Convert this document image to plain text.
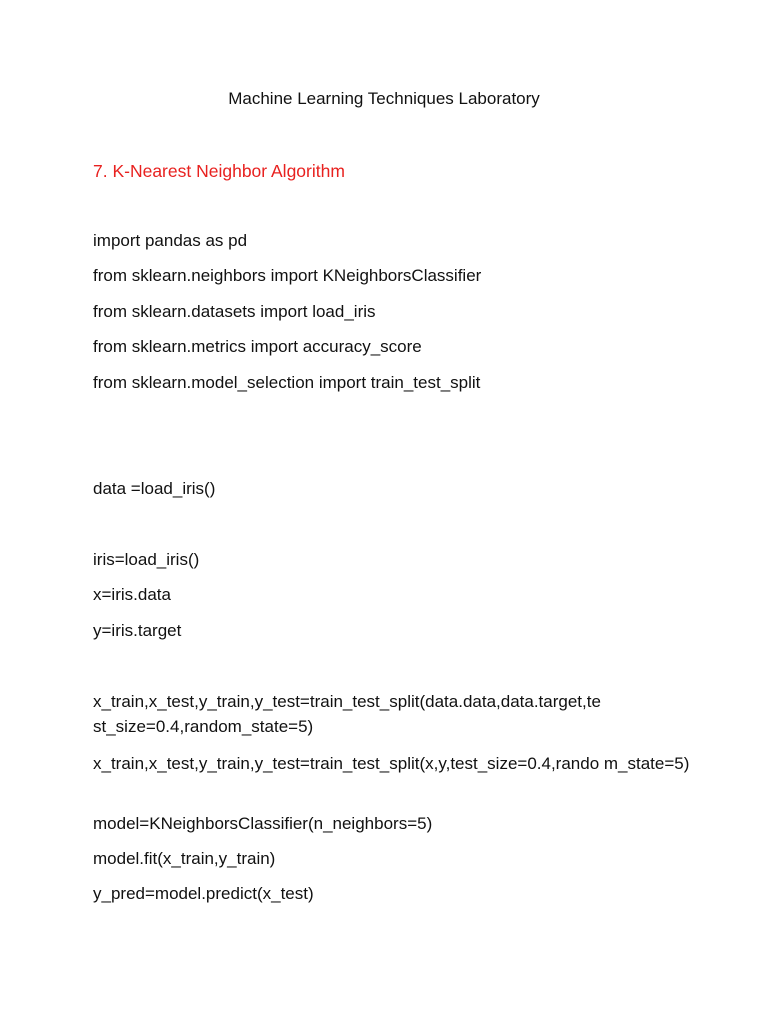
Machine Learning Techniques Laboratory
7. K-Nearest Neighbor Algorithm
import pandas as pd
from sklearn.neighbors import KNeighborsClassifier
from sklearn.datasets import load_iris
from sklearn.metrics import accuracy_score
from sklearn.model_selection import train_test_split
data =load_iris()
iris=load_iris()
x=iris.data
y=iris.target
x_train,x_test,y_train,y_test=train_test_split(data.data,data.target,te st_size=0.4,random_state=5)
x_train,x_test,y_train,y_test=train_test_split(x,y,test_size=0.4,rando m_state=5)
model=KNeighborsClassifier(n_neighbors=5)
model.fit(x_train,y_train)
y_pred=model.predict(x_test)
